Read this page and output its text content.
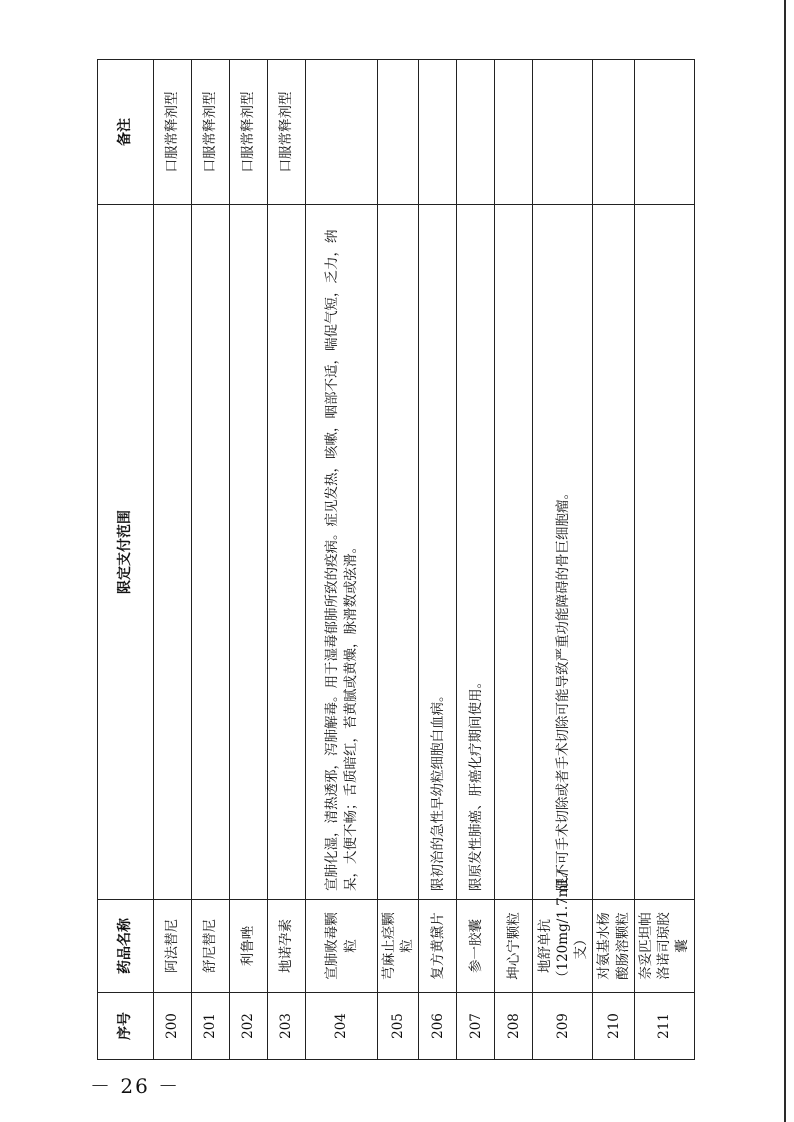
序号	药品名称	限定支付范围	备注
200	阿法替尼		口服常释剂型
201	舒尼替尼		口服常释剂型
202	利鲁唑		口服常释剂型
203	地诺孕素		口服常释剂型
204	宣肺败毒颗粒	宣肺化湿，清热透邪，泻肺解毒。用于湿毒郁肺所致的疫病。症见发热，咳嗽，咽部不适，喘促气短，乏力，纳呆，大便不畅；舌质暗红，苔黄腻或黄燥，脉滑数或弦滑。	
205	芎麻止痉颗粒		
206	复方黄黛片	限初治的急性早幼粒细胞白血病。	
207	参一胶囊	限原发性肺癌、肝癌化疗期间使用。	
208	坤心宁颗粒		
209	地舒单抗（120mg/1.7mL/支）	限不可手术切除或者手术切除可能导致严重功能障碍的骨巨细胞瘤。	
210	对氨基水杨酸肠溶颗粒		
211	奈妥匹坦帕洛诺司琼胶囊		
－ 26 －
